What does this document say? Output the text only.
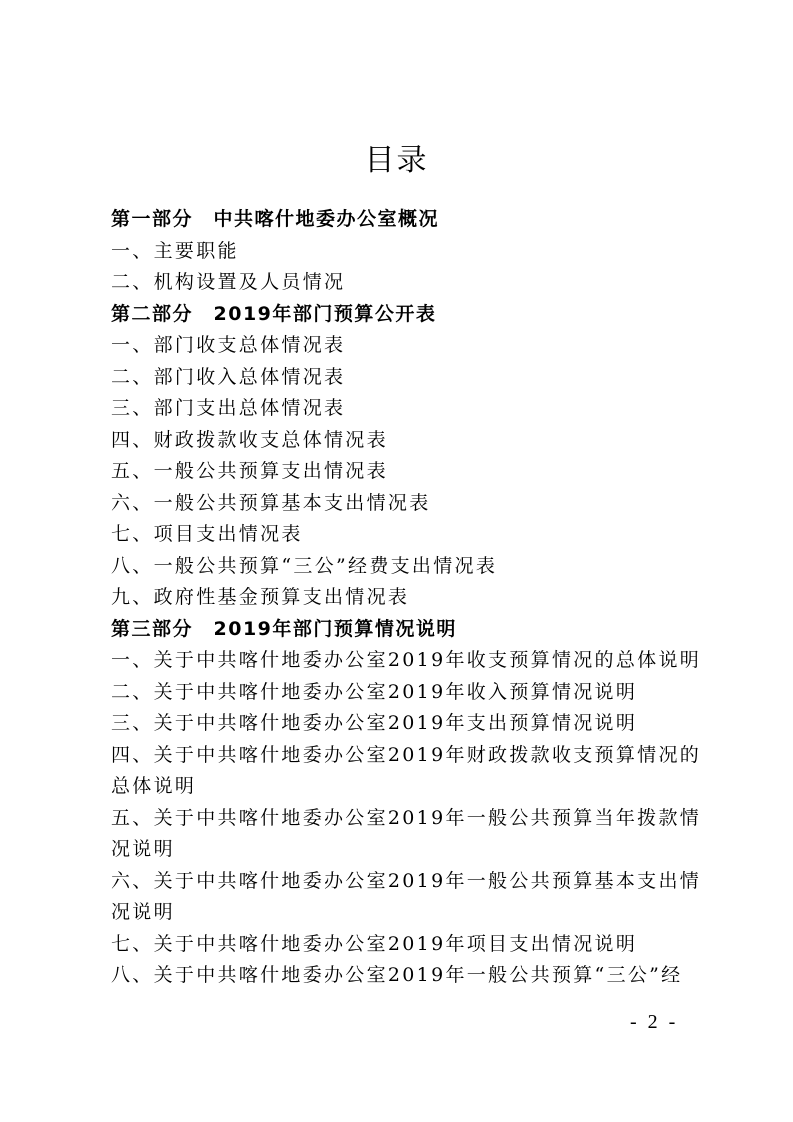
目录
第一部分　中共喀什地委办公室概况
一、主要职能
二、机构设置及人员情况
第二部分　2019年部门预算公开表
一、部门收支总体情况表
二、部门收入总体情况表
三、部门支出总体情况表
四、财政拨款收支总体情况表
五、一般公共预算支出情况表
六、一般公共预算基本支出情况表
七、项目支出情况表
八、一般公共预算“三公”经费支出情况表
九、政府性基金预算支出情况表
第三部分　2019年部门预算情况说明
一、关于中共喀什地委办公室2019年收支预算情况的总体说明
二、关于中共喀什地委办公室2019年收入预算情况说明
三、关于中共喀什地委办公室2019年支出预算情况说明
四、关于中共喀什地委办公室2019年财政拨款收支预算情况的
总体说明
五、关于中共喀什地委办公室2019年一般公共预算当年拨款情
况说明
六、关于中共喀什地委办公室2019年一般公共预算基本支出情
况说明
七、关于中共喀什地委办公室2019年项目支出情况说明
八、关于中共喀什地委办公室2019年一般公共预算“三公”经
- 2 -
